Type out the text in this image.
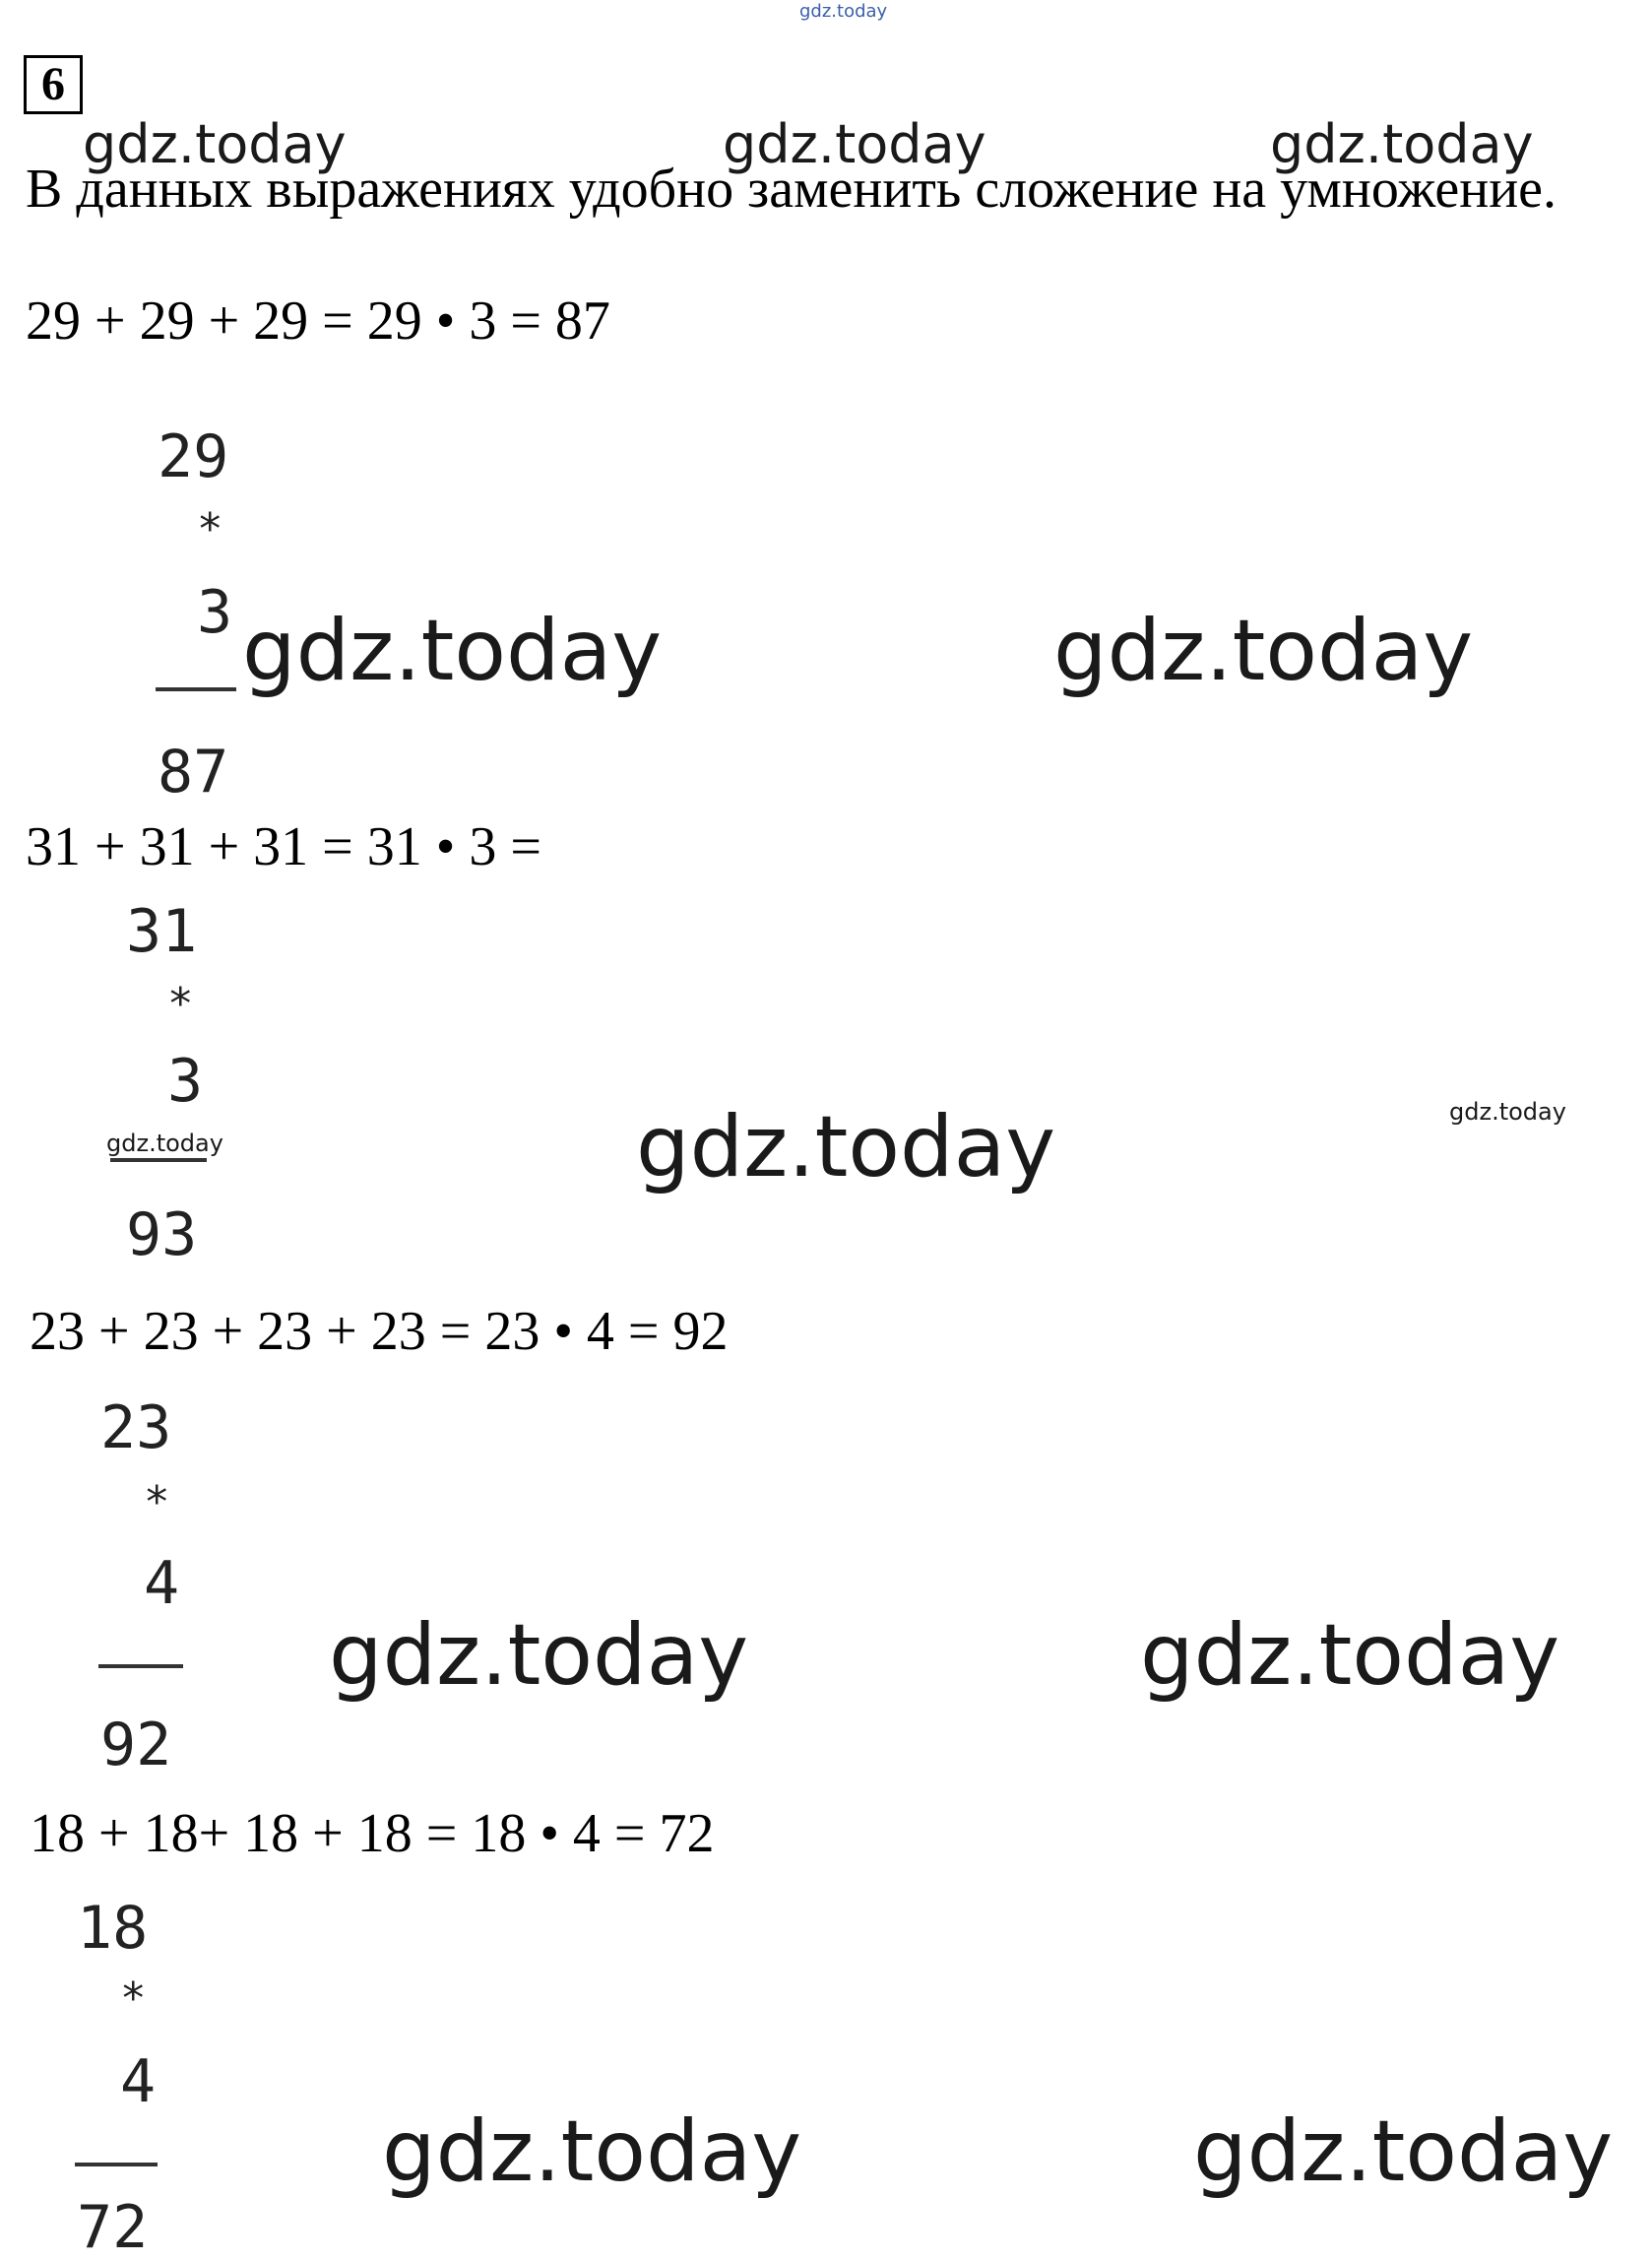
gdz.today
gdz.today	gdz.today	gdz.today
6
В данных выражениях удобно заменить сложение на умножение.
29 + 29 + 29 = 29 • 3 = 87
29
*
3
87
gdz.today	gdz.today
31 + 31 + 31 = 31 • 3 =
31
*
3
93
gdz.today	gdz.today	gdz.today
23 + 23 + 23 + 23 = 23 • 4 = 92
23
*
4
92
gdz.today	gdz.today
18 + 18+ 18 + 18 = 18 • 4 = 72
18
*
4
72
gdz.today	gdz.today
